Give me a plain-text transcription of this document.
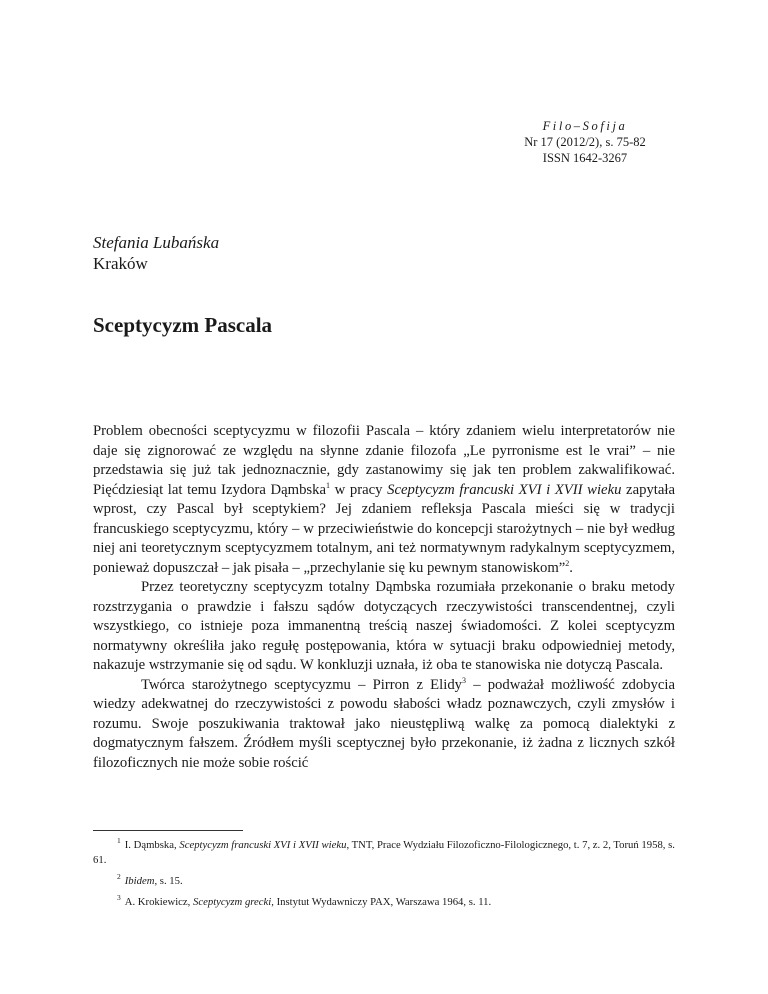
Filo–Sofija
Nr 17 (2012/2), s. 75-82
ISSN 1642-3267
Stefania Lubańska
Kraków
Sceptycyzm Pascala

Problem obecności sceptycyzmu w filozofii Pascala – który zdaniem wielu interpretatorów nie daje się zignorować ze względu na słynne zdanie filozofa „Le pyrronisme est le vrai” – nie przedstawia się już tak jednoznacznie, gdy zastanowimy się jak ten problem zakwalifikować. Pięćdziesiąt lat temu Izydora Dąmbska$^1$ w pracy Sceptycyzm francuski XVI i XVII wieku zapytała wprost, czy Pascal był sceptykiem? Jej zdaniem refleksja Pascala mieści się w tradycji francuskiego sceptycyzmu, który – w przeciwieństwie do koncepcji starożytnych – nie był według niej ani teoretycznym sceptycyzmem totalnym, ani też normatywnym radykalnym sceptycyzmem, ponieważ dopuszczał – jak pisała – „przechylanie się ku pewnym stanowiskom”$^2$.

Przez teoretyczny sceptycyzm totalny Dąmbska rozumiała przekonanie o braku metody rozstrzygania o prawdzie i fałszu sądów dotyczących rzeczywistości transcendentnej, czyli wszystkiego, co istnieje poza immanentną treścią naszej świadomości. Z kolei sceptycyzm normatywny określiła jako regułę postępowania, która w sytuacji braku odpowiedniej metody, nakazuje wstrzymanie się od sądu. W konkluzji uznała, iż oba te stanowiska nie dotyczą Pascala.

Twórca starożytnego sceptycyzmu – Pirron z Elidy$^3$ – podważał możliwość zdobycia wiedzy adekwatnej do rzeczywistości z powodu słabości władz poznawczych, czyli zmysłów i rozumu. Swoje poszukiwania traktował jako nieustępliwą walkę za pomocą dialektyki z dogmatycznym fałszem. Źródłem myśli sceptycznej było przekonanie, iż żadna z licznych szkół filozoficznych nie może sobie rościć

$^1$ I. Dąmbska, Sceptycyzm francuski XVI i XVII wieku, TNT, Prace Wydziału Filozoficzno-Filologicznego, t. 7, z. 2, Toruń 1958, s. 61.

$^2$ Ibidem, s. 15.

$^3$ A. Krokiewicz, Sceptycyzm grecki, Instytut Wydawniczy PAX, Warszawa 1964, s. 11.
